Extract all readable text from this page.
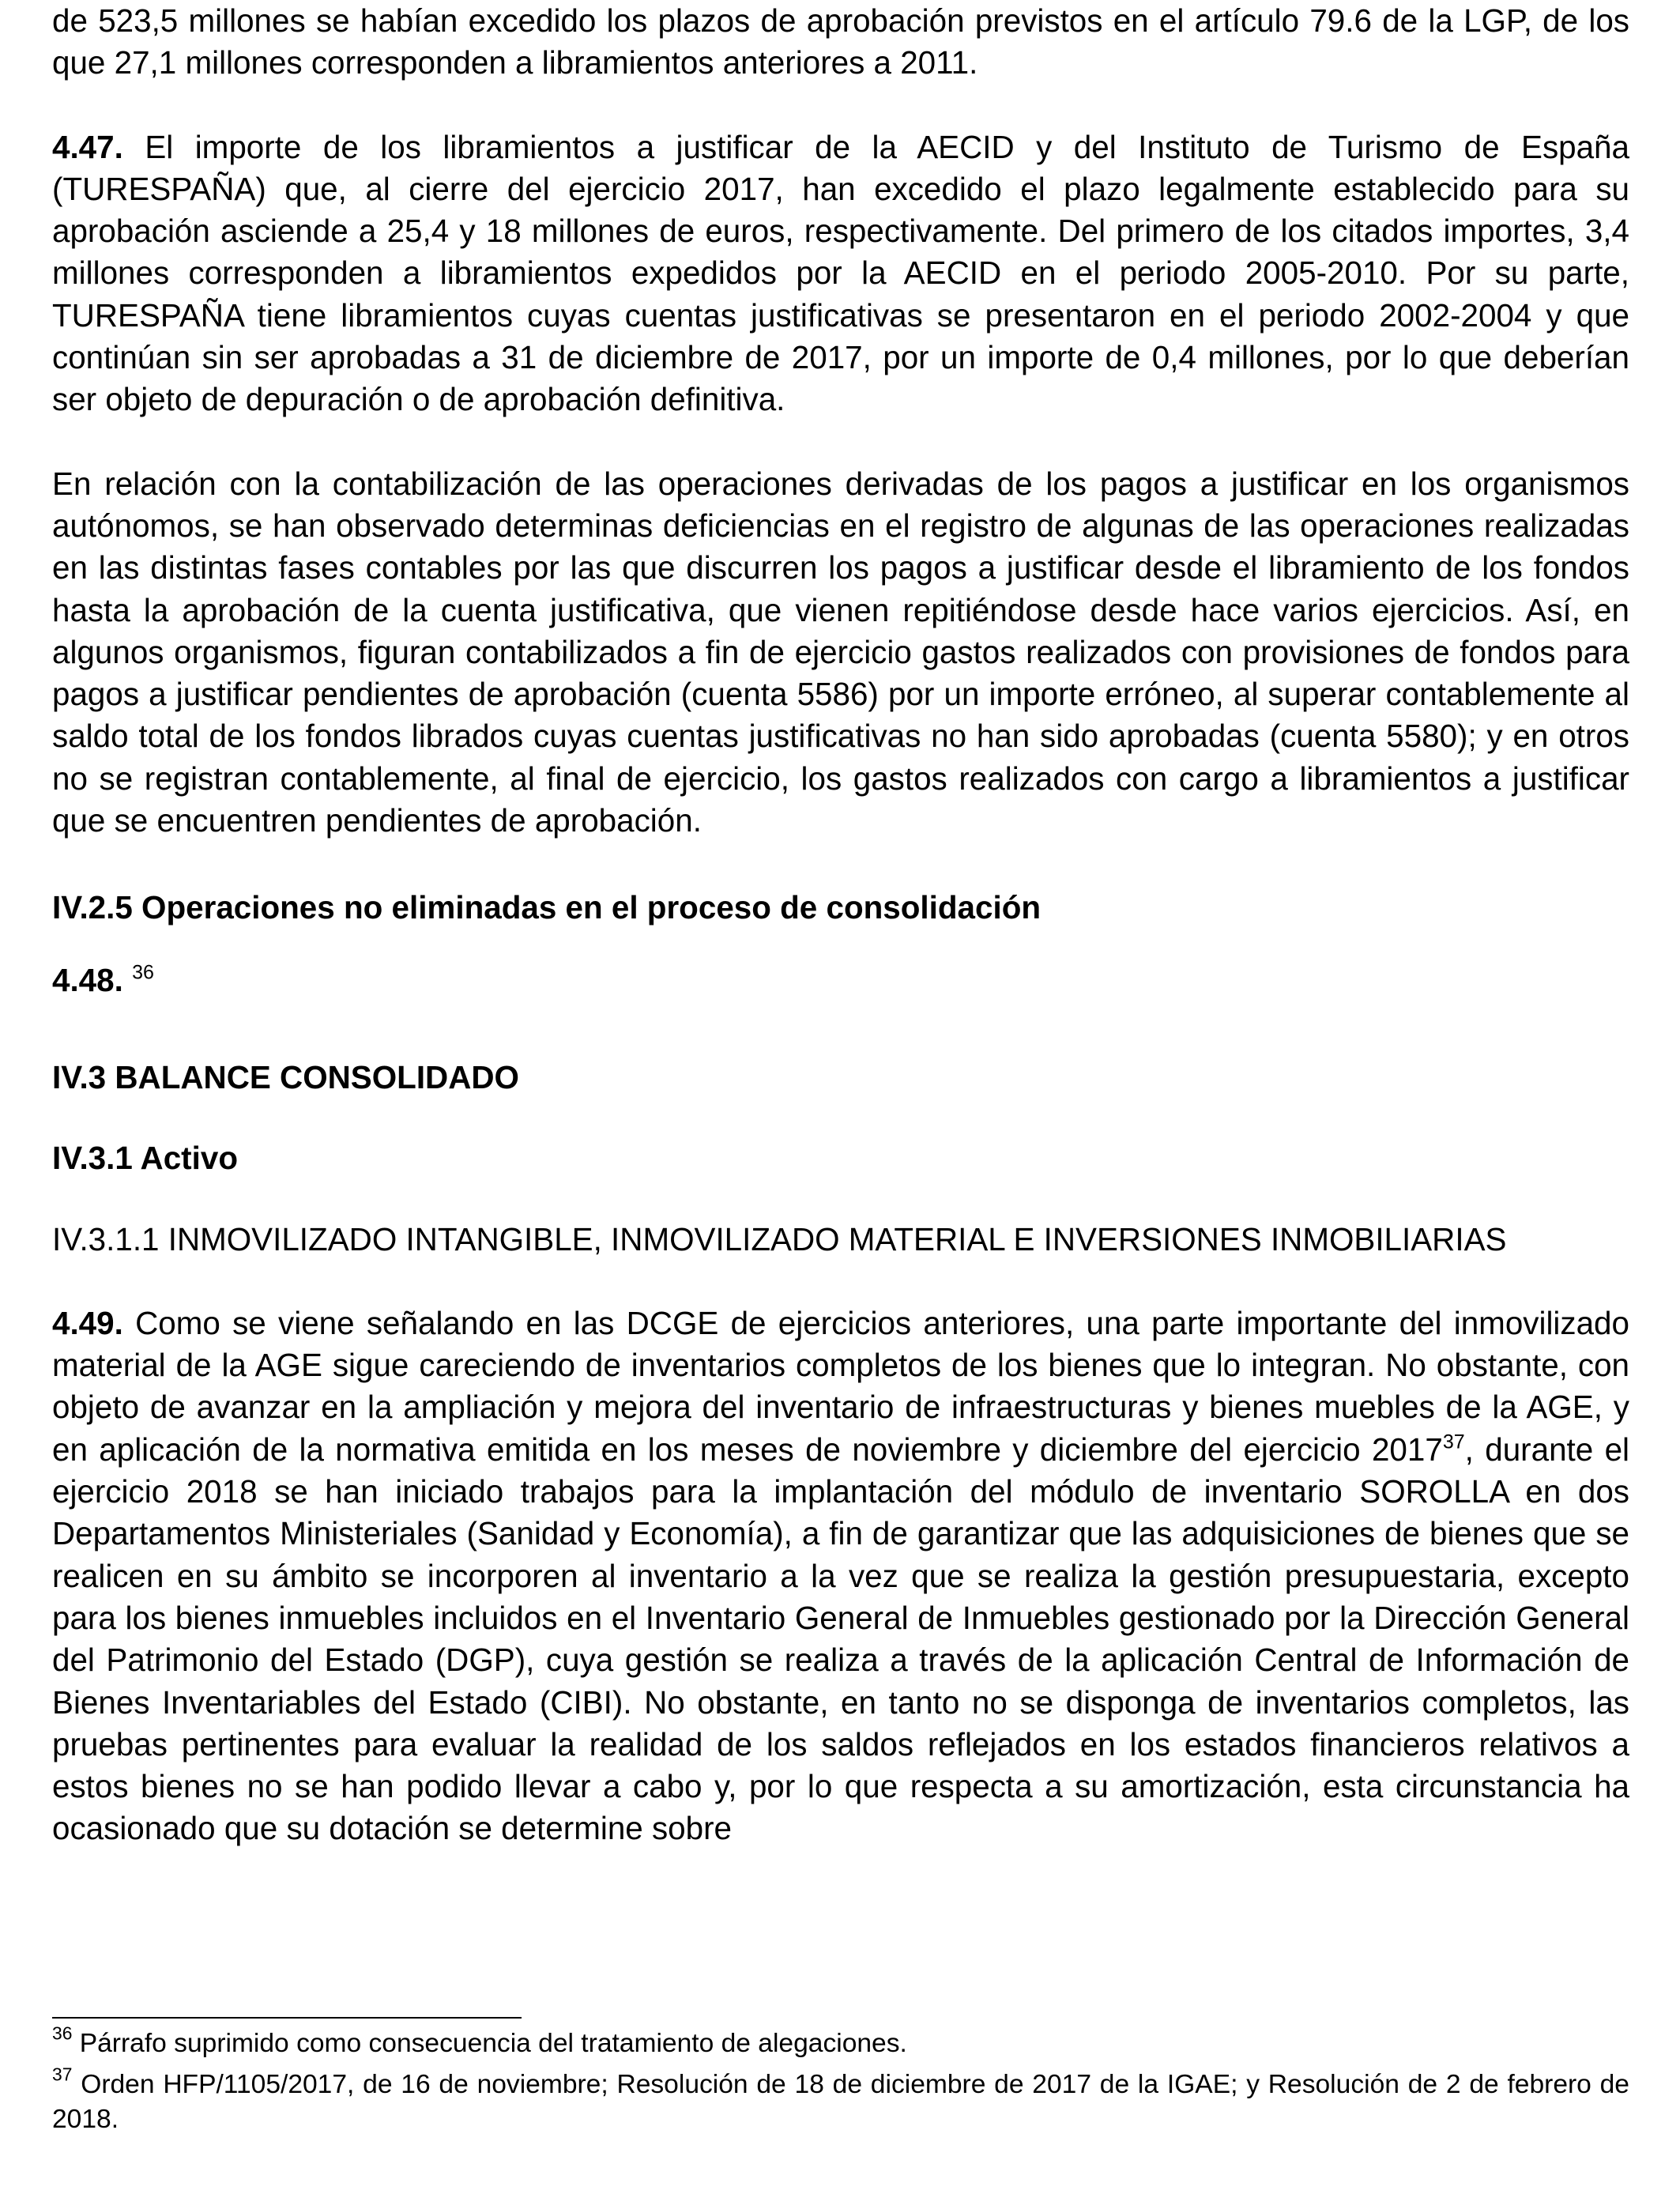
de 523,5 millones se habían excedido los plazos de aprobación previstos en el artículo 79.6 de la LGP, de los que 27,1 millones corresponden a libramientos anteriores a 2011.

4.47. El importe de los libramientos a justificar de la AECID y del Instituto de Turismo de España (TURESPAÑA) que, al cierre del ejercicio 2017, han excedido el plazo legalmente establecido para su aprobación asciende a 25,4 y 18 millones de euros, respectivamente. Del primero de los citados importes, 3,4 millones corresponden a libramientos expedidos por la AECID en el periodo 2005-2010. Por su parte, TURESPAÑA tiene libramientos cuyas cuentas justificativas se presentaron en el periodo 2002-2004 y que continúan sin ser aprobadas a 31 de diciembre de 2017, por un importe de 0,4 millones, por lo que deberían ser objeto de depuración o de aprobación definitiva.

En relación con la contabilización de las operaciones derivadas de los pagos a justificar en los organismos autónomos, se han observado determinas deficiencias en el registro de algunas de las operaciones realizadas en las distintas fases contables por las que discurren los pagos a justificar desde el libramiento de los fondos hasta la aprobación de la cuenta justificativa, que vienen repitiéndose desde hace varios ejercicios. Así, en algunos organismos, figuran contabilizados a fin de ejercicio gastos realizados con provisiones de fondos para pagos a justificar pendientes de aprobación (cuenta 5586) por un importe erróneo, al superar contablemente al saldo total de los fondos librados cuyas cuentas justificativas no han sido aprobadas (cuenta 5580); y en otros no se registran contablemente, al final de ejercicio, los gastos realizados con cargo a libramientos a justificar que se encuentren pendientes de aprobación.

IV.2.5 Operaciones no eliminadas en el proceso de consolidación

4.48. $^{36}$

IV.3 BALANCE CONSOLIDADO

IV.3.1 Activo

IV.3.1.1 INMOVILIZADO INTANGIBLE, INMOVILIZADO MATERIAL E INVERSIONES INMOBILIARIAS

4.49. Como se viene señalando en las DCGE de ejercicios anteriores, una parte importante del inmovilizado material de la AGE sigue careciendo de inventarios completos de los bienes que lo integran. No obstante, con objeto de avanzar en la ampliación y mejora del inventario de infraestructuras y bienes muebles de la AGE, y en aplicación de la normativa emitida en los meses de noviembre y diciembre del ejercicio 2017$^{37}$, durante el ejercicio 2018 se han iniciado trabajos para la implantación del módulo de inventario SOROLLA en dos Departamentos Ministeriales (Sanidad y Economía), a fin de garantizar que las adquisiciones de bienes que se realicen en su ámbito se incorporen al inventario a la vez que se realiza la gestión presupuestaria, excepto para los bienes inmuebles incluidos en el Inventario General de Inmuebles gestionado por la Dirección General del Patrimonio del Estado (DGP), cuya gestión se realiza a través de la aplicación Central de Información de Bienes Inventariables del Estado (CIBI). No obstante, en tanto no se disponga de inventarios completos, las pruebas pertinentes para evaluar la realidad de los saldos reflejados en los estados financieros relativos a estos bienes no se han podido llevar a cabo y, por lo que respecta a su amortización, esta circunstancia ha ocasionado que su dotación se determine sobre

$^{36}$ Párrafo suprimido como consecuencia del tratamiento de alegaciones.

$^{37}$ Orden HFP/1105/2017, de 16 de noviembre; Resolución de 18 de diciembre de 2017 de la IGAE; y Resolución de 2 de febrero de 2018.
